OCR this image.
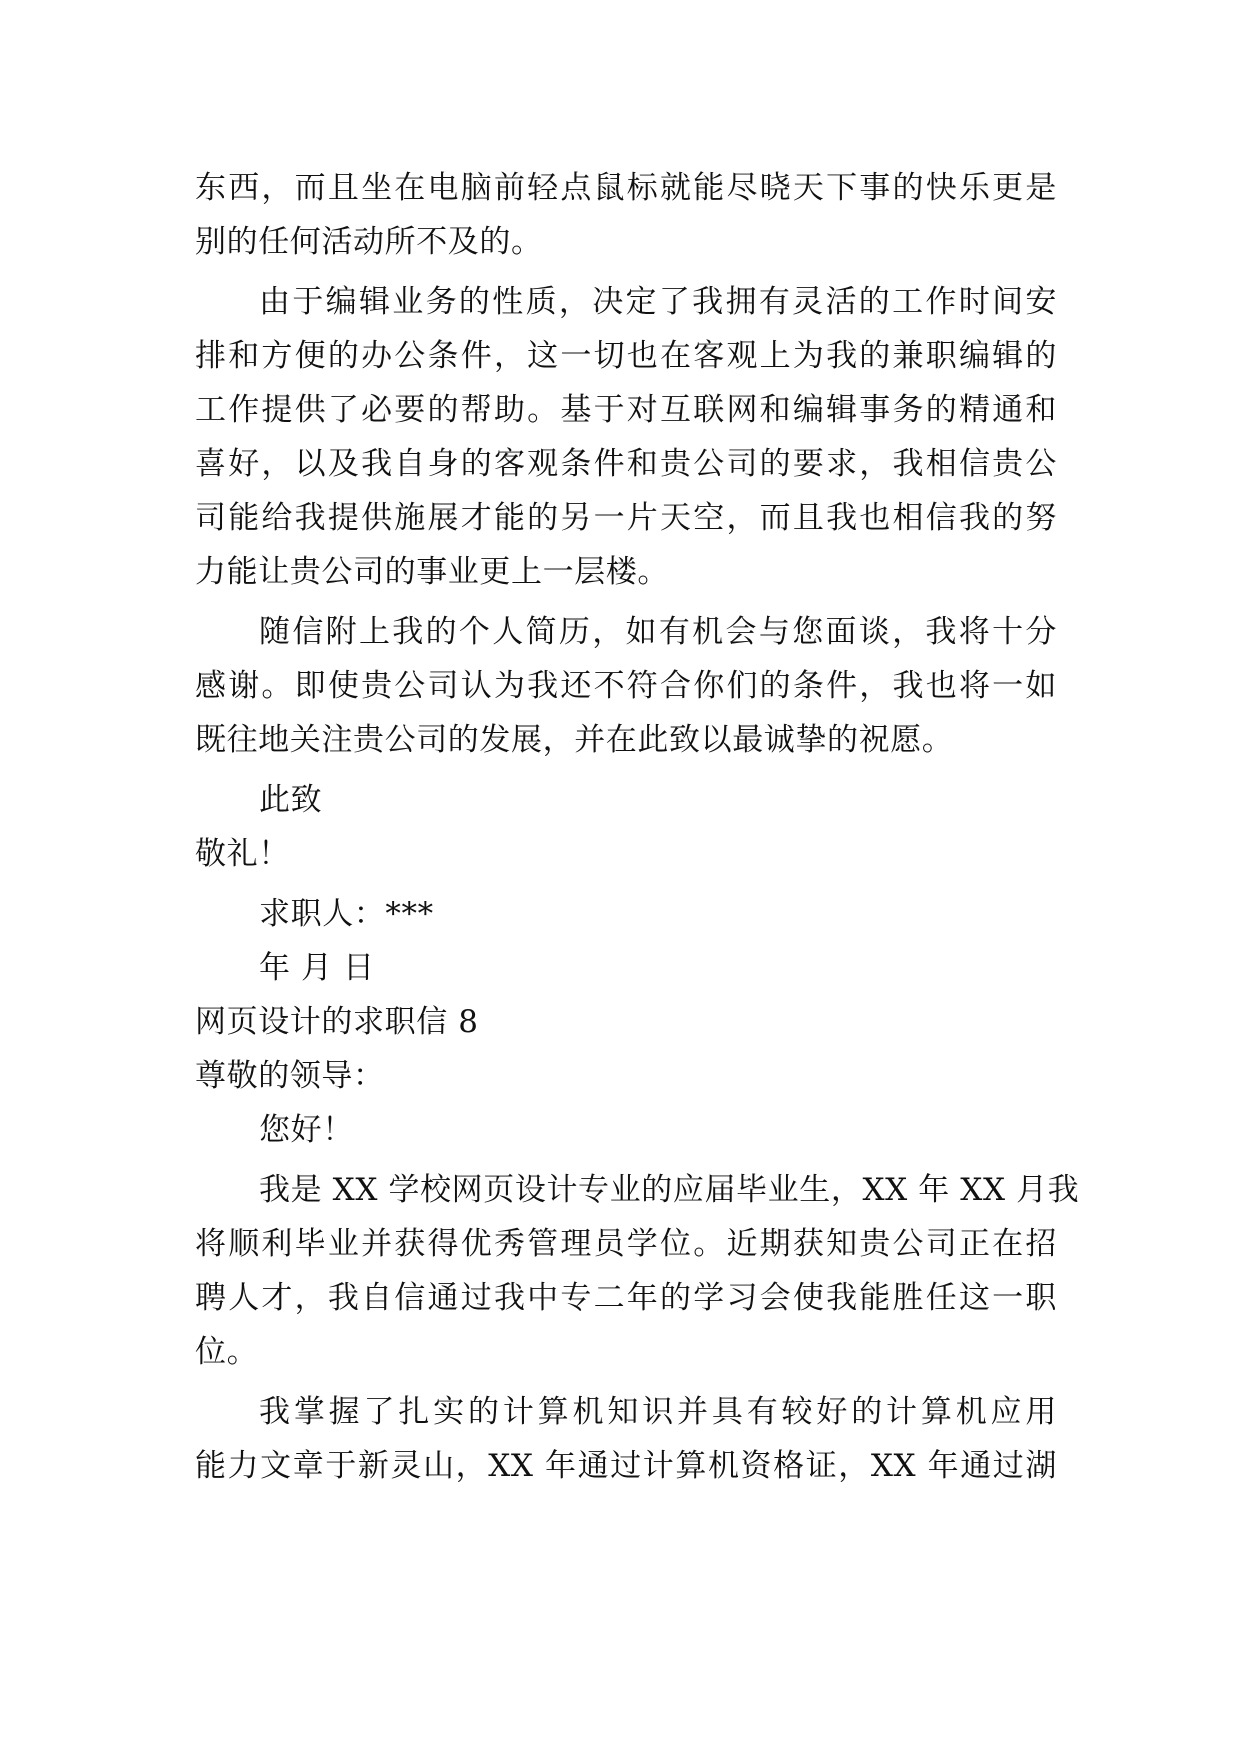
东西，而且坐在电脑前轻点鼠标就能尽晓天下事的快乐更是
别的任何活动所不及的。
由于编辑业务的性质，决定了我拥有灵活的工作时间安
排和方便的办公条件，这一切也在客观上为我的兼职编辑的
工作提供了必要的帮助。基于对互联网和编辑事务的精通和
喜好，以及我自身的客观条件和贵公司的要求，我相信贵公
司能给我提供施展才能的另一片天空，而且我也相信我的努
力能让贵公司的事业更上一层楼。
随信附上我的个人简历，如有机会与您面谈，我将十分
感谢。即使贵公司认为我还不符合你们的条件，我也将一如
既往地关注贵公司的发展，并在此致以最诚挚的祝愿。
此致
敬礼！
求职人：***
年 月 日
网页设计的求职信 8
尊敬的领导：
您好！
我是 XX 学校网页设计专业的应届毕业生，XX 年 XX 月我
将顺利毕业并获得优秀管理员学位。近期获知贵公司正在招
聘人才，我自信通过我中专二年的学习会使我能胜任这一职
位。
我掌握了扎实的计算机知识并具有较好的计算机应用
能力文章于新灵山，XX 年通过计算机资格证，XX 年通过湖
